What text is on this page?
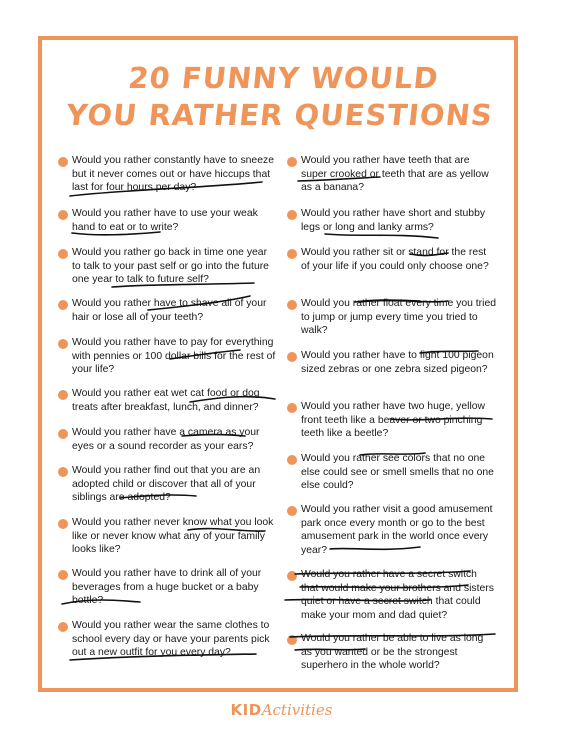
20 FUNNY WOULD
YOU RATHER QUESTIONS
Would you rather constantly have to sneeze but it never comes out or have hiccups that last for four hours per day?
Would you rather have to use your weak hand to eat or to write?
Would you rather go back in time one year to talk to your past self or go into the future one year to talk to future self?
Would you rather have to shave all of your hair or lose all of your teeth?
Would you rather have to pay for everything with pennies or 100 dollar bills for the rest of your life?
Would you rather eat wet cat food or dog treats after breakfast, lunch, and dinner?
Would you rather have a camera as your eyes or a sound recorder as your ears?
Would you rather find out that you are an adopted child or discover that all of your siblings are adopted?
Would you rather never know what you look like or never know what any of your family looks like?
Would you rather have to drink all of your beverages from a huge bucket or a baby bottle?
Would you rather wear the same clothes to school every day or have your parents pick out a new outfit for you every day?
Would you rather have teeth that are super crooked or teeth that are as yellow as a banana?
Would you rather have short and stubby legs or long and lanky arms?
Would you rather sit or stand for the rest of your life if you could only choose one?
Would you rather float every time you tried to jump or jump every time you tried to walk?
Would you rather have to fight 100 pigeon sized zebras or one zebra sized pigeon?
Would you rather have two huge, yellow front teeth like a beaver or two pinching teeth like a beetle?
Would you rather see colors that no one else could see or smell smells that no one else could?
Would you rather visit a good amusement park once every month or go to the best amusement park in the world once every year?
Would you rather have a secret switch that would make your brothers and sisters quiet or have a secret switch that could make your mom and dad quiet?
Would you rather be able to live as long as you wanted or be the strongest superhero in the whole world?
KIDActivities
